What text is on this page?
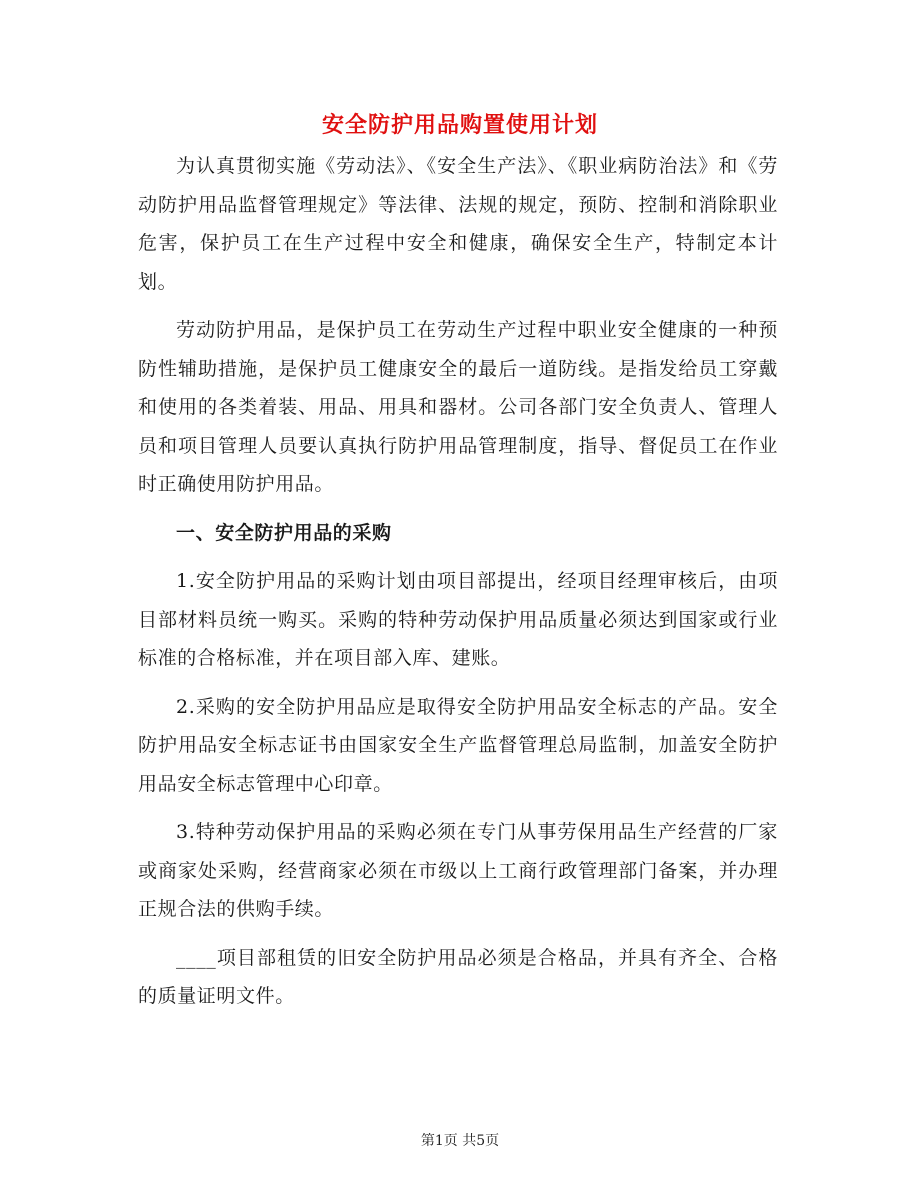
安全防护用品购置使用计划

为认真贯彻实施《劳动法》、《安全生产法》、《职业病防治法》和《劳动防护用品监督管理规定》等法律、法规的规定，预防、控制和消除职业危害，保护员工在生产过程中安全和健康，确保安全生产，特制定本计划。

劳动防护用品，是保护员工在劳动生产过程中职业安全健康的一种预防性辅助措施，是保护员工健康安全的最后一道防线。是指发给员工穿戴和使用的各类着装、用品、用具和器材。公司各部门安全负责人、管理人员和项目管理人员要认真执行防护用品管理制度，指导、督促员工在作业时正确使用防护用品。

一、安全防护用品的采购

1.安全防护用品的采购计划由项目部提出，经项目经理审核后，由项目部材料员统一购买。采购的特种劳动保护用品质量必须达到国家或行业标准的合格标准，并在项目部入库、建账。

2.采购的安全防护用品应是取得安全防护用品安全标志的产品。安全防护用品安全标志证书由国家安全生产监督管理总局监制，加盖安全防护用品安全标志管理中心印章。

3.特种劳动保护用品的采购必须在专门从事劳保用品生产经营的厂家或商家处采购，经营商家必须在市级以上工商行政管理部门备案，并办理正规合法的供购手续。

____项目部租赁的旧安全防护用品必须是合格品，并具有齐全、合格的质量证明文件。

第1页 共5页
